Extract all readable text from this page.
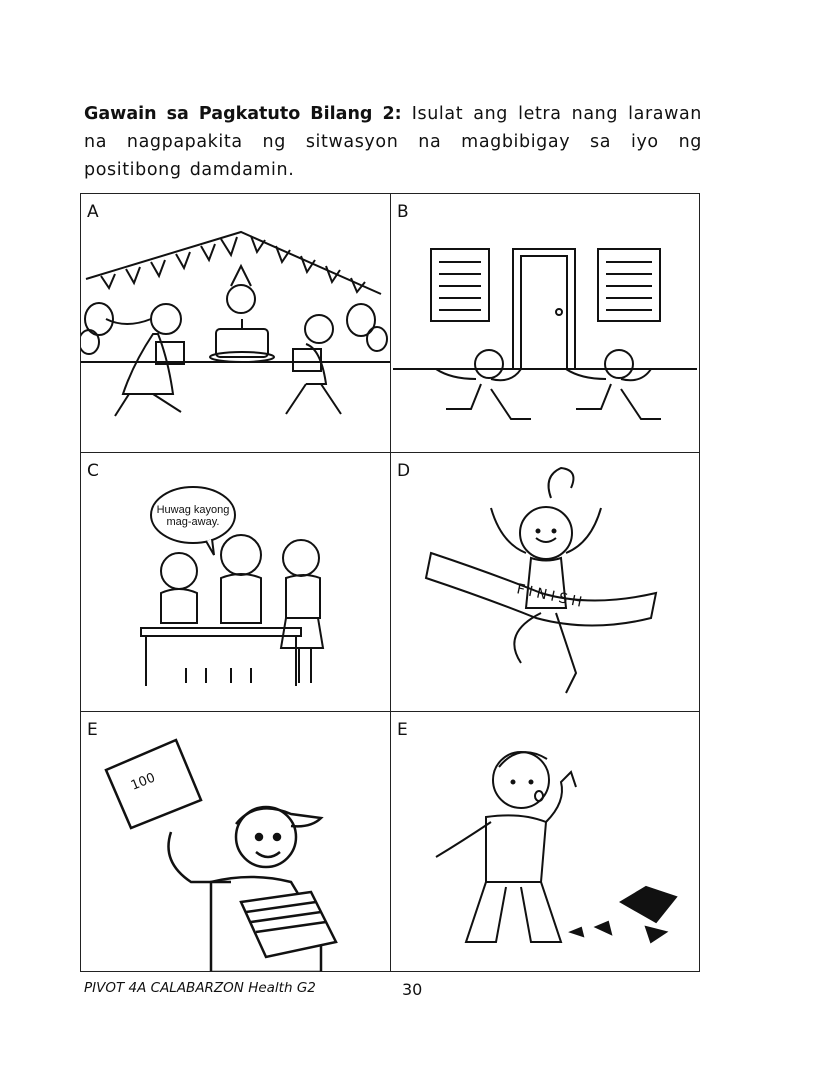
Gawain sa Pagkatuto Bilang 2: Isulat ang letra nang larawan na nagpapakita ng sitwasyon na magbibigay sa iyo ng positibong damdamin.
A	B
C
Huwag kayong
mag-away.
D
FINISH
E
100
E
PIVOT 4A CALABARZON Health G2	30
